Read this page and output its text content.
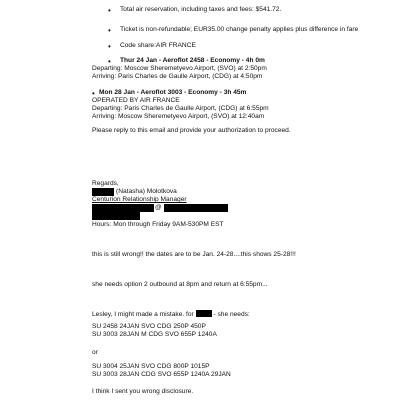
• Total air reservation, including taxes and fees: $541.72.
• Ticket is non-refundable; EUR35.00 change penalty applies plus difference in fare
• Code share:AIR FRANCE
• Thur 24 Jan - Aeroflot 2458 - Economy - 4h 0m
Departing: Moscow Sheremetyevo Airport, (SVO) at 2:50pm
Arriving: Paris Charles de Gaulle Airport, (CDG) at 4:50pm
• Mon 28 Jan - Aeroflot 3003 - Economy - 3h 45m
OPERATED BY AIR FRANCE
Departing: Paris Charles de Gaulle Airport, (CDG) at 6:55pm
Arriving: Moscow Sheremetyevo Airport, (SVO) at 12:40am
Please reply to this email and provide your authorization to proceed.
Regards,
(Natasha) Molotkova
Centurion Relationship Manager
@
Hours: Mon through Friday 9AM-530PM EST
this is still wrong!! the dates are to be Jan. 24-28....this shows 25-28!!!
she needs option 2 outbound at 8pm and return at 6:55pm...
Lesley, I might made a mistake. for	- she needs:
SU 2458 24JAN SVO CDG 250P 450P
SU 3003 28JAN M CDG SVO 655P 1240A
or
SU 3004 25JAN SVO CDG 800P 1015P
SU 3003 28JAN CDG SVO 655P 1240A 29JAN
I think I sent you wrong disclosure.
